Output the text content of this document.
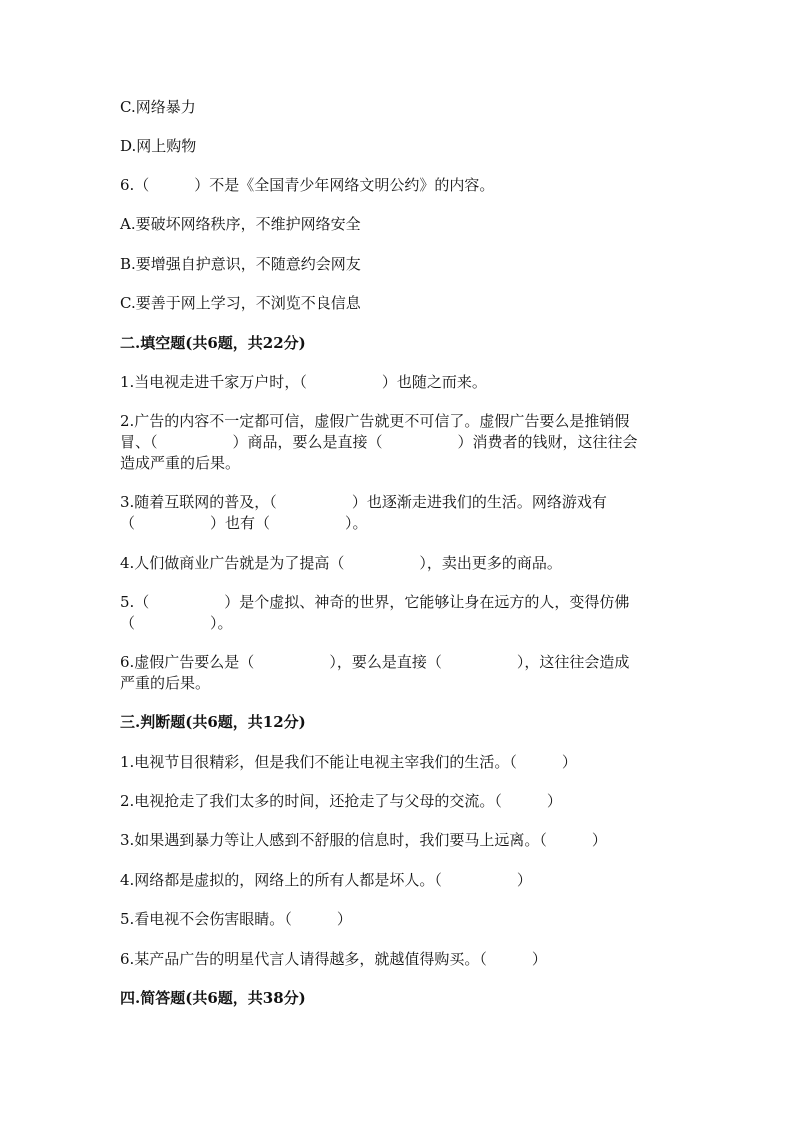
C.网络暴力
D.网上购物
6.（　　　）不是《全国青少年网络文明公约》的内容。
A.要破坏网络秩序，不维护网络安全
B.要增强自护意识，不随意约会网友
C.要善于网上学习，不浏览不良信息
二.填空题(共6题，共22分)
1.当电视走进千家万户时，（　　　　　）也随之而来。
2.广告的内容不一定都可信，虚假广告就更不可信了。虚假广告要么是推销假
冒、（　　　　　）商品，要么是直接（　　　　　）消费者的钱财，这往往会
造成严重的后果。
3.随着互联网的普及，（　　　　　）也逐渐走进我们的生活。网络游戏有
（　　　　　）也有（　　　　　）。
4.人们做商业广告就是为了提高（　　　　　），卖出更多的商品。
5.（　　　　　）是个虚拟、神奇的世界，它能够让身在远方的人，变得仿佛
（　　　　　）。
6.虚假广告要么是（　　　　　），要么是直接（　　　　　），这往往会造成
严重的后果。
三.判断题(共6题，共12分)
1.电视节目很精彩，但是我们不能让电视主宰我们的生活。（　　　）
2.电视抢走了我们太多的时间，还抢走了与父母的交流。（　　　）
3.如果遇到暴力等让人感到不舒服的信息时，我们要马上远离。（　　　）
4.网络都是虚拟的，网络上的所有人都是坏人。（　　　　　）
5.看电视不会伤害眼睛。（　　　）
6.某产品广告的明星代言人请得越多，就越值得购买。（　　　）
四.简答题(共6题，共38分)
